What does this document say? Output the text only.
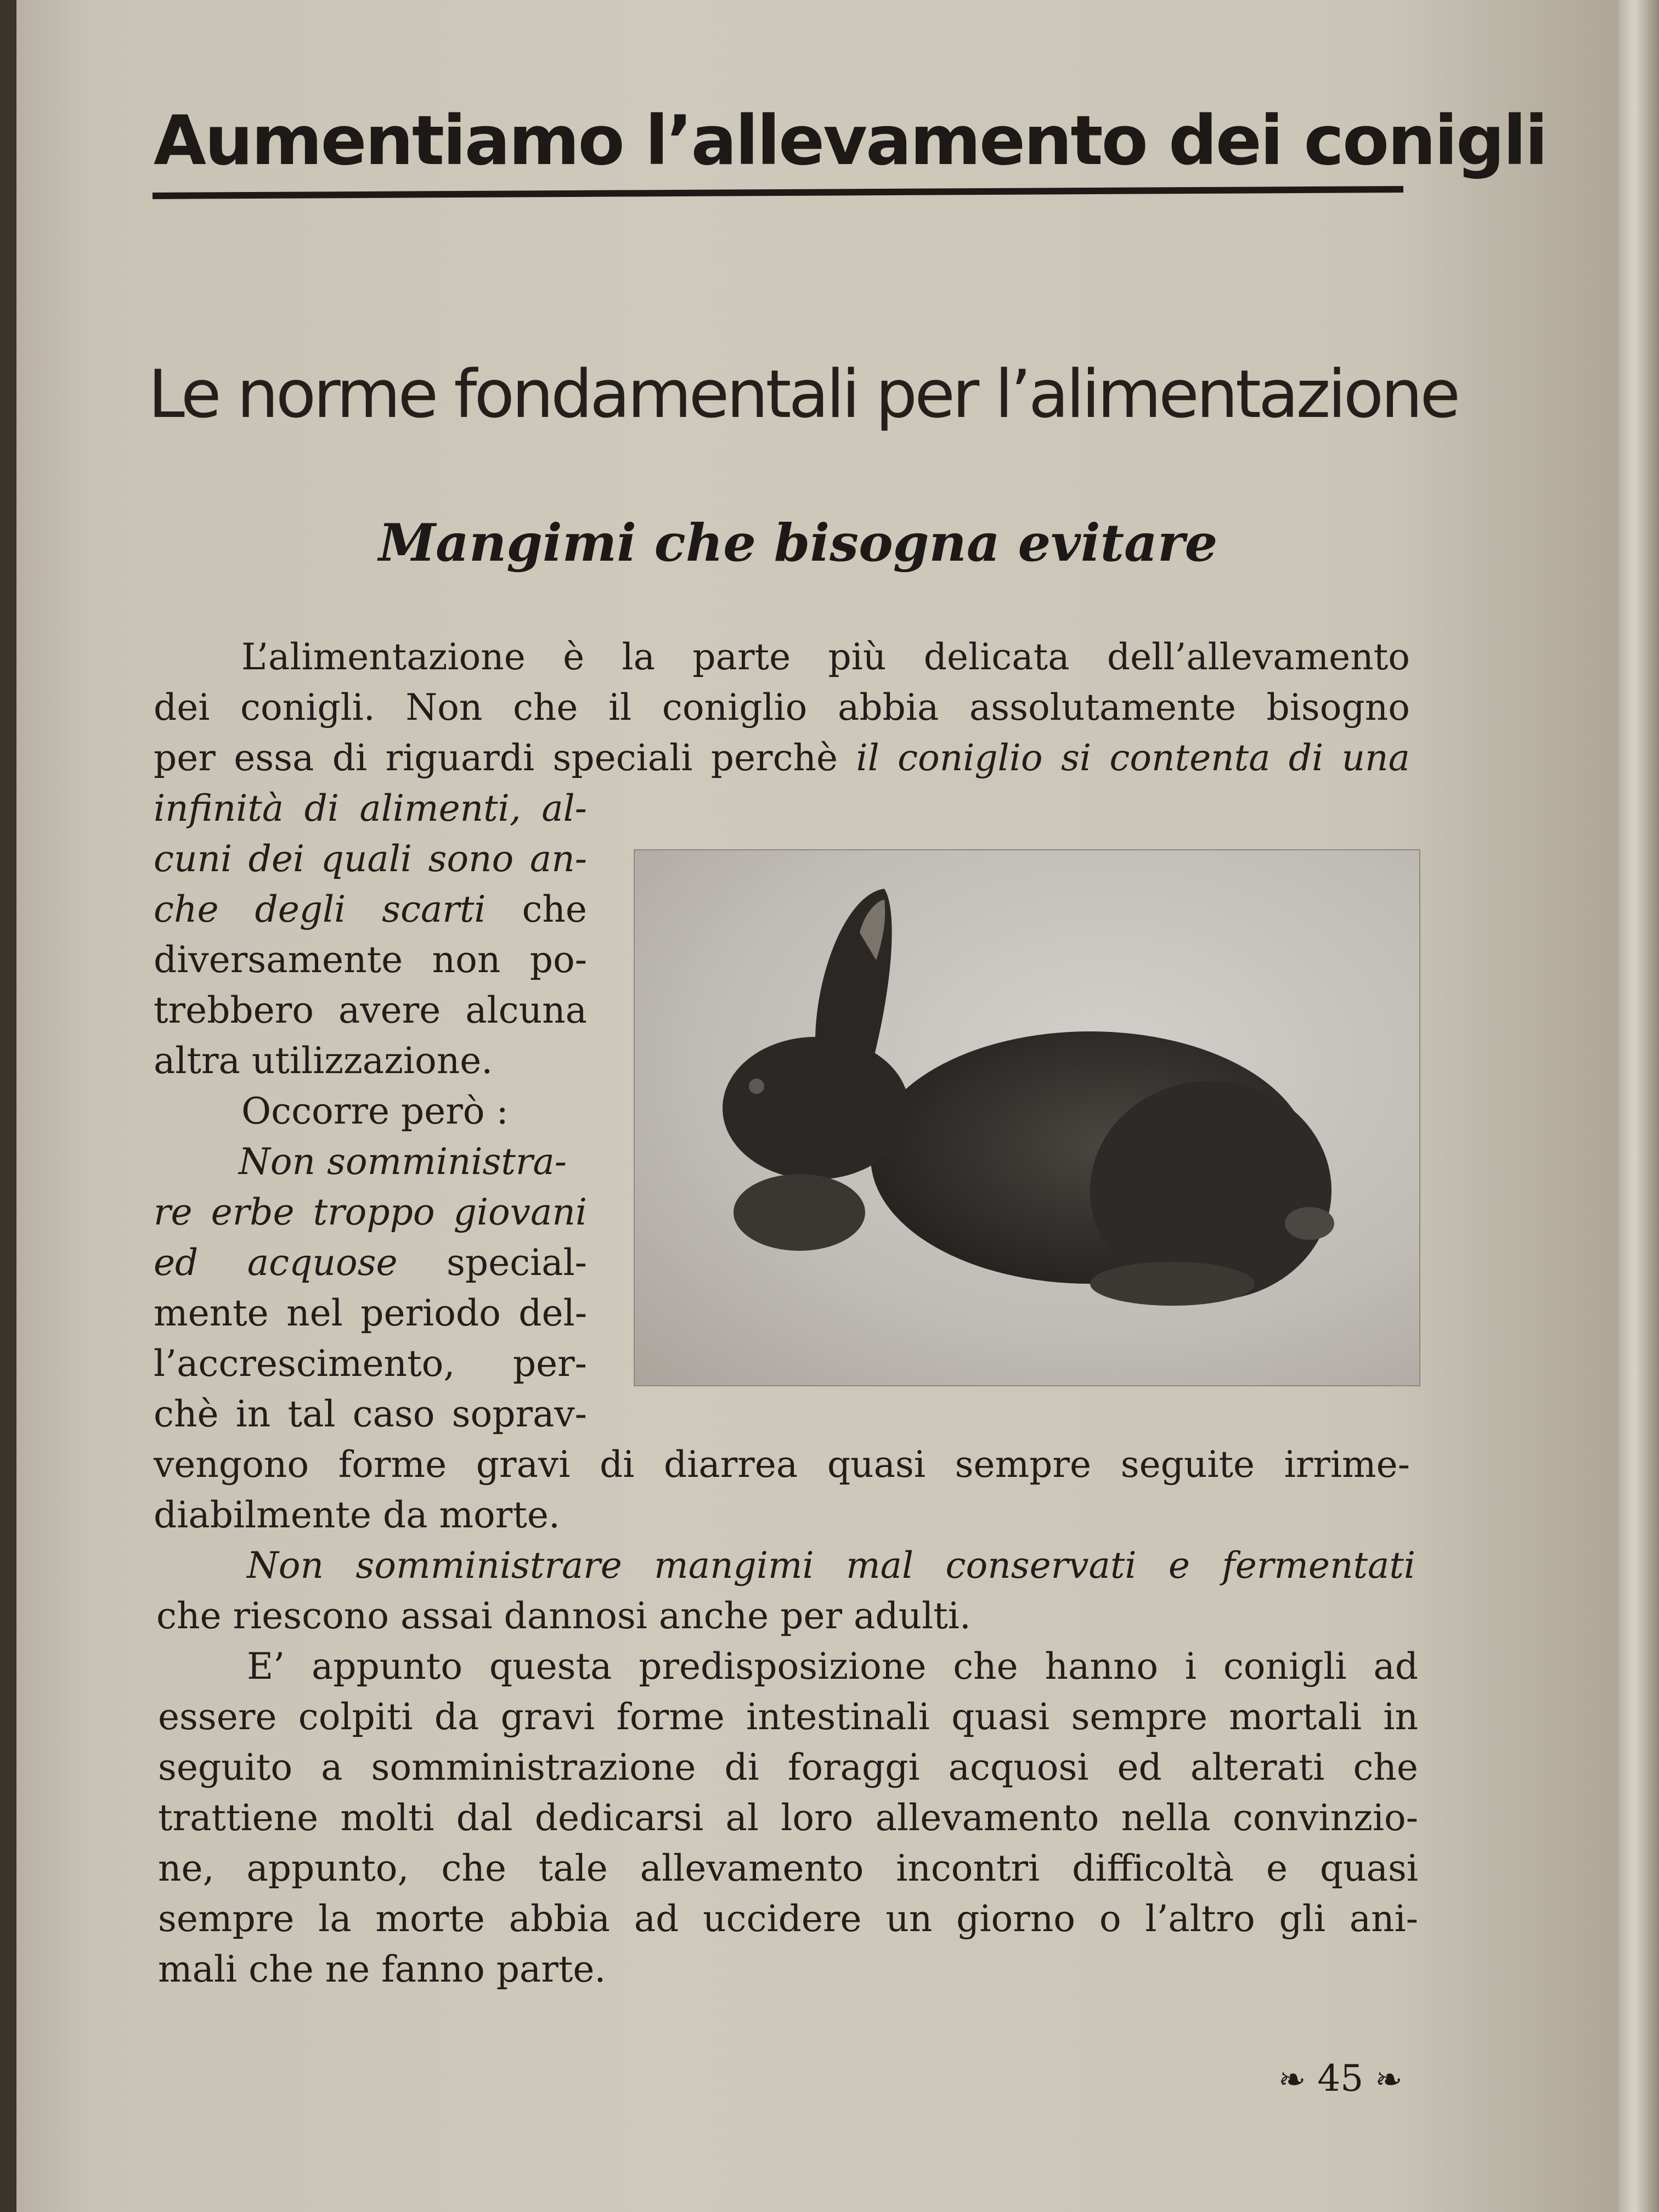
Aumentiamo l’allevamento dei conigli
Le norme fondamentali per l’alimentazione
Mangimi che bisogna evitare
L’alimentazione è la parte più delicata dell’allevamento
dei conigli. Non che il coniglio abbia assolutamente bisogno
per essa di riguardi speciali perchè il coniglio si contenta di una
infinità di alimenti, al-
cuni dei quali sono an-
che degli scarti che
diversamente non po-
trebbero avere alcuna
altra utilizzazione.
Occorre però :
Non somministra-
re erbe troppo giovani
ed acquose special-
mente nel periodo del-
l’accrescimento, per-
chè in tal caso soprav-
vengono forme gravi di diarrea quasi sempre seguite irrime-
diabilmente da morte.
Non somministrare mangimi mal conservati e fermentati
che riescono assai dannosi anche per adulti.
E’ appunto questa predisposizione che hanno i conigli ad
essere colpiti da gravi forme intestinali quasi sempre mortali in
seguito a somministrazione di foraggi acquosi ed alterati che
trattiene molti dal dedicarsi al loro allevamento nella convinzio-
ne, appunto, che tale allevamento incontri difficoltà e quasi
sempre la morte abbia ad uccidere un giorno o l’altro gli ani-
mali che ne fanno parte.
❧ 45 ❧
